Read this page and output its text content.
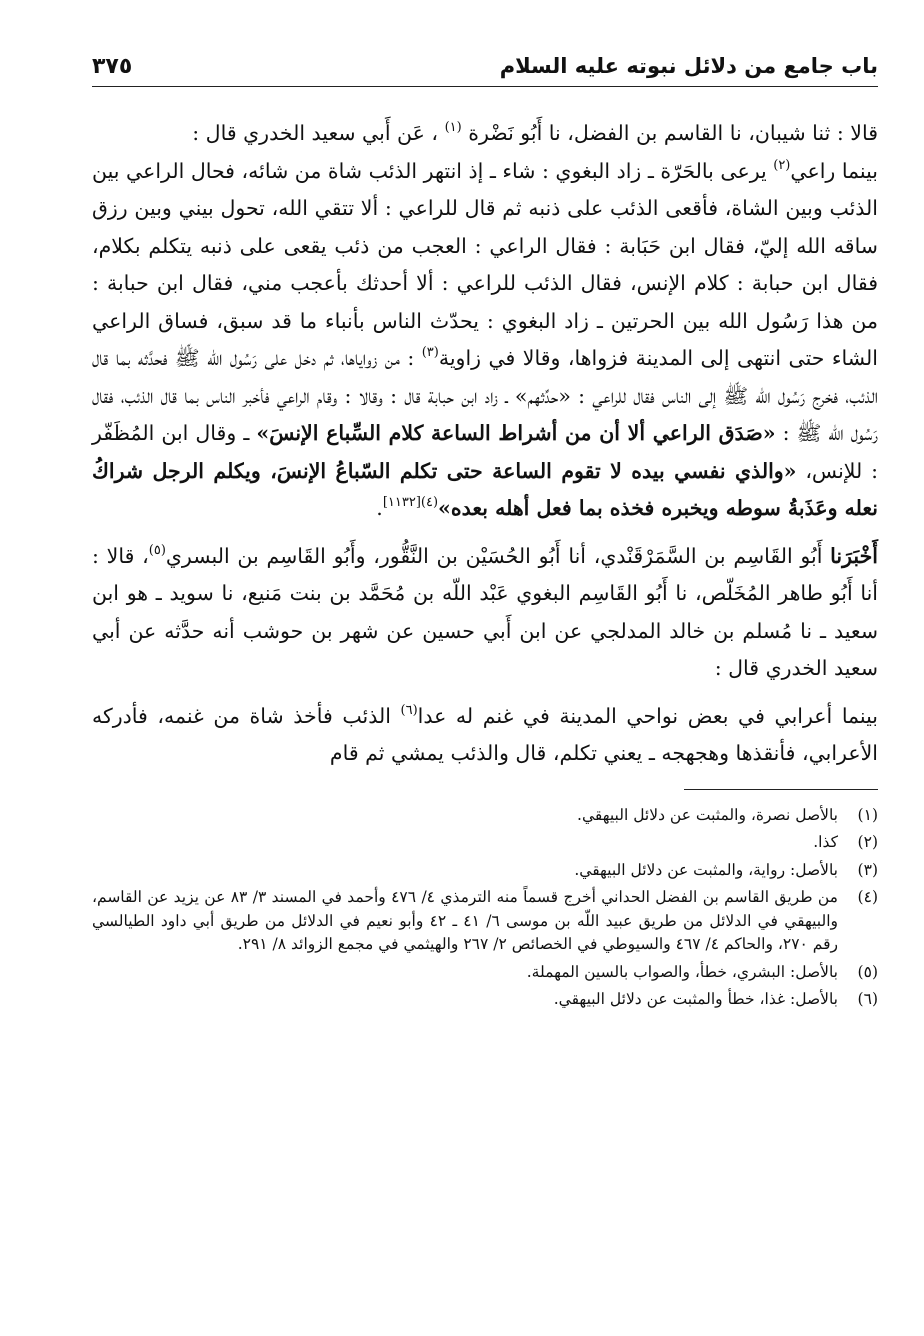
باب جامع من دلائل نبوته عليه السلام
٣٧٥

قالا : ثنا شيبان، نا القاسم بن الفضل، نا أَبُو نَضْرة $^{(١)}$ ، عَن أَبي سعيد الخدري قال :

بينما راعي$^{(٢)}$ يرعى بالحَرّة ـ زاد البغوي : شاء ـ إذ انتهر الذئب شاة من شائه، فحال الراعي بين الذئب وبين الشاة، فأقعى الذئب على ذنبه ثم قال للراعي : ألا تتقي الله، تحول بيني وبين رزق ساقه الله إليّ، فقال ابن حَبَابة : فقال الراعي : العجب من ذئب يقعى على ذنبه يتكلم بكلام، فقال ابن حبابة : كلام الإنس، فقال الذئب للراعي : ألا أحدثك بأعجب مني، فقال ابن حبابة : من هذا رَسُول الله بين الحرتين ـ زاد البغوي : يحدّث الناس بأنباء ما قد سبق، فساق الراعي الشاء حتى انتهى إلى المدينة فزواها، وقالا في زاوية$^{(٣)}$ : من زواياها، ثم دخل على رَسُول الله ﷺ فحدَّثه بما قال الذئب، فخرج رَسُول الله ﷺ إلى الناس فقال للراعي : «حدِّثهم» ـ زاد ابن حبابة قال : وقالا : وقام الراعي فأخبر الناس بما قال الذئب، فقال رَسُول الله ﷺ : «صَدَق الراعي ألا أن من أشراط الساعة كلام السِّباع الإنسَ» ـ وقال ابن المُظَفّر : للإنس، «والذي نفسي بيده لا تقوم الساعة حتى تكلم السّباعُ الإنسَ، ويكلم الرجل شراكُ نعله وعَذَبةُ سوطه ويخبره فخذه بما فعل أهله بعده»$^{(٤)[١١٣٢]}$.

أَخْبَرَنا أَبُو القَاسِم بن السَّمَرْقَنْدي، أنا أَبُو الحُسَيْن بن النَّقُّور، وأَبُو القَاسِم بن البسري$^{(٥)}$، قالا : أنا أَبُو طاهر المُخَلّص، نا أَبُو القَاسِم البغوي عَبْد اللّه بن مُحَمَّد بن بنت مَنيع، نا سويد ـ هو ابن سعيد ـ نا مُسلم بن خالد المدلجي عن ابن أَبي حسين عن شهر بن حوشب أنه حدَّثه عن أبي سعيد الخدري قال :

بينما أعرابي في بعض نواحي المدينة في غنم له عدا$^{(٦)}$ الذئب فأخذ شاة من غنمه، فأدركه الأعرابي، فأنقذها وهجهجه ـ يعني تكلم، قال والذئب يمشي ثم قام

(١)
بالأصل نصرة، والمثبت عن دلائل البيهقي.
(٢)
كذا.
(٣)
بالأصل: رواية، والمثبت عن دلائل البيهقي.
(٤)
من طريق القاسم بن الفضل الحداني أخرج قسماً منه الترمذي ٤/ ٤٧٦ وأحمد في المسند ٣/ ٨٣ عن يزيد عن القاسم، والبيهقي في الدلائل من طريق عبيد اللّه بن موسى ٦/ ٤١ ـ ٤٢ وأبو نعيم في الدلائل من طريق أبي داود الطيالسي رقم ٢٧٠، والحاكم ٤/ ٤٦٧ والسيوطي في الخصائص ٢/ ٢٦٧ والهيثمي في مجمع الزوائد ٨/ ٢٩١.
(٥)
بالأصل: البشري، خطأ، والصواب بالسين المهملة.
(٦)
بالأصل: غذا، خطأ والمثبت عن دلائل البيهقي.
